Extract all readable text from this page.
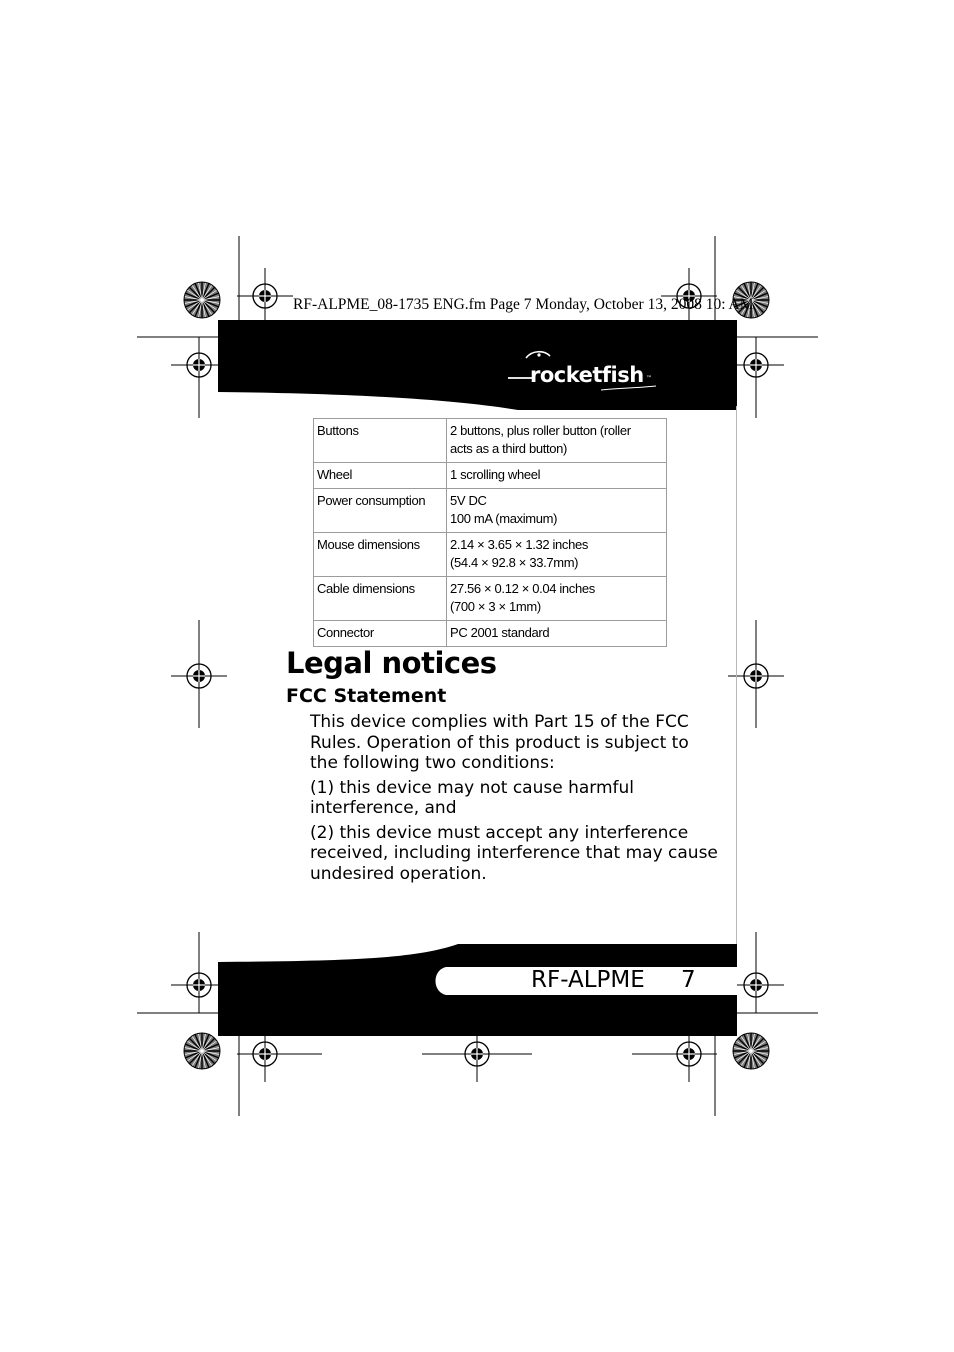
RF-ALPME_08-1735 ENG.fm Page 7 Monday, October 13, 2008 10: AM
rocketfish ™
Buttons	2 buttons, plus roller button (roller
acts as a third button)

Wheel	1 scrolling wheel

Power consumption	5V DC
100 mA (maximum)

Mouse dimensions	2.14 × 3.65 × 1.32 inches
(54.4 × 92.8 × 33.7mm)

Cable dimensions	27.56 × 0.12 × 0.04 inches
(700 × 3 × 1mm)

Connector	PC 2001 standard
Legal notices
FCC Statement

This device complies with Part 15 of the FCC Rules. Operation of this product is subject to the following two conditions:

(1) this device may not cause harmful interference, and

(2) this device must accept any interference received, including interference that may cause undesired operation.

RF-ALPME 7
